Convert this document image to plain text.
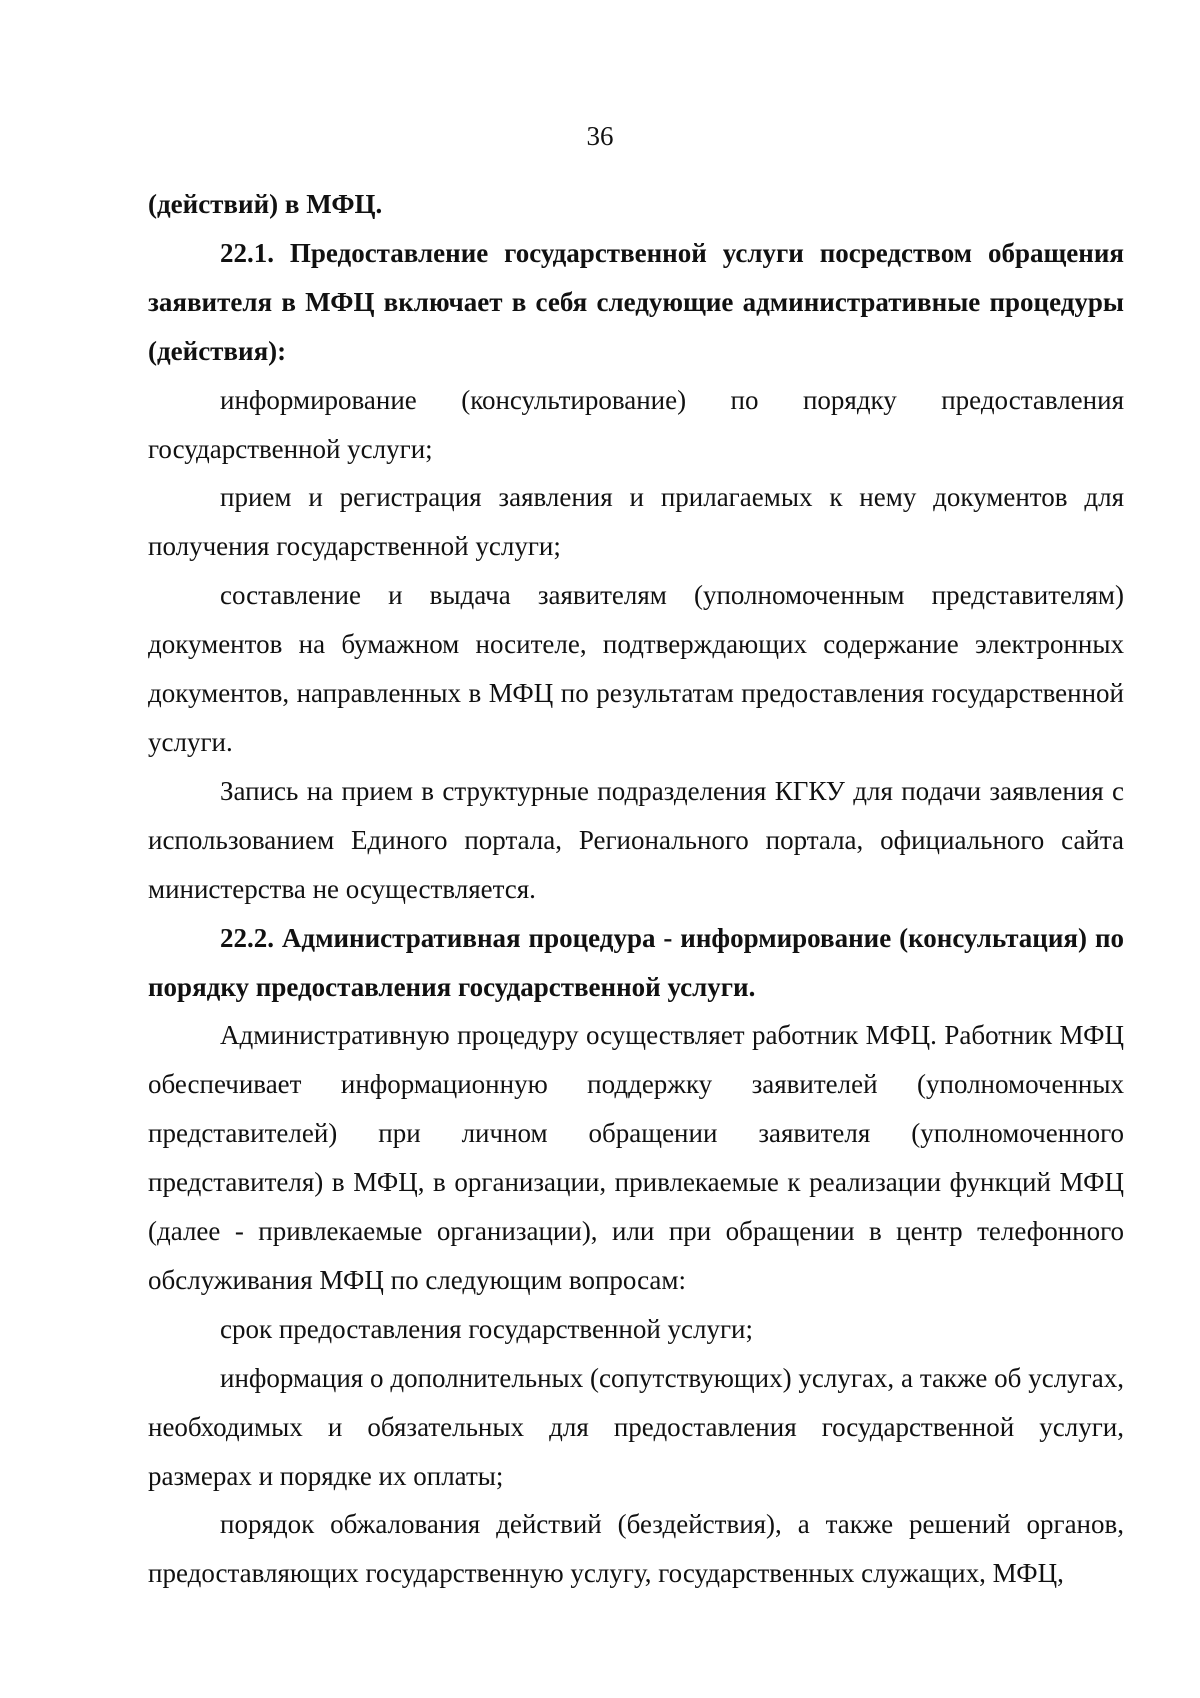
36

(действий) в МФЦ.

22.1. Предоставление государственной услуги посредством обращения заявителя в МФЦ включает в себя следующие административные процедуры (действия):

информирование (консультирование) по порядку предоставления государственной услуги;

прием и регистрация заявления и прилагаемых к нему документов для получения государственной услуги;

составление и выдача заявителям (уполномоченным представителям) документов на бумажном носителе, подтверждающих содержание электронных документов, направленных в МФЦ по результатам предоставления государственной услуги.

Запись на прием в структурные подразделения КГКУ для подачи заявления с использованием Единого портала, Регионального портала, официального сайта министерства не осуществляется.

22.2. Административная процедура - информирование (консультация) по порядку предоставления государственной услуги.

Административную процедуру осуществляет работник МФЦ. Работник МФЦ обеспечивает информационную поддержку заявителей (уполномоченных представителей) при личном обращении заявителя (уполномоченного представителя) в МФЦ, в организации, привлекаемые к реализации функций МФЦ (далее - привлекаемые организации), или при обращении в центр телефонного обслуживания МФЦ по следующим вопросам:

срок предоставления государственной услуги;

информация о дополнительных (сопутствующих) услугах, а также об услугах, необходимых и обязательных для предоставления государственной услуги, размерах и порядке их оплаты;

порядок обжалования действий (бездействия), а также решений органов, предоставляющих государственную услугу, государственных служащих, МФЦ,
